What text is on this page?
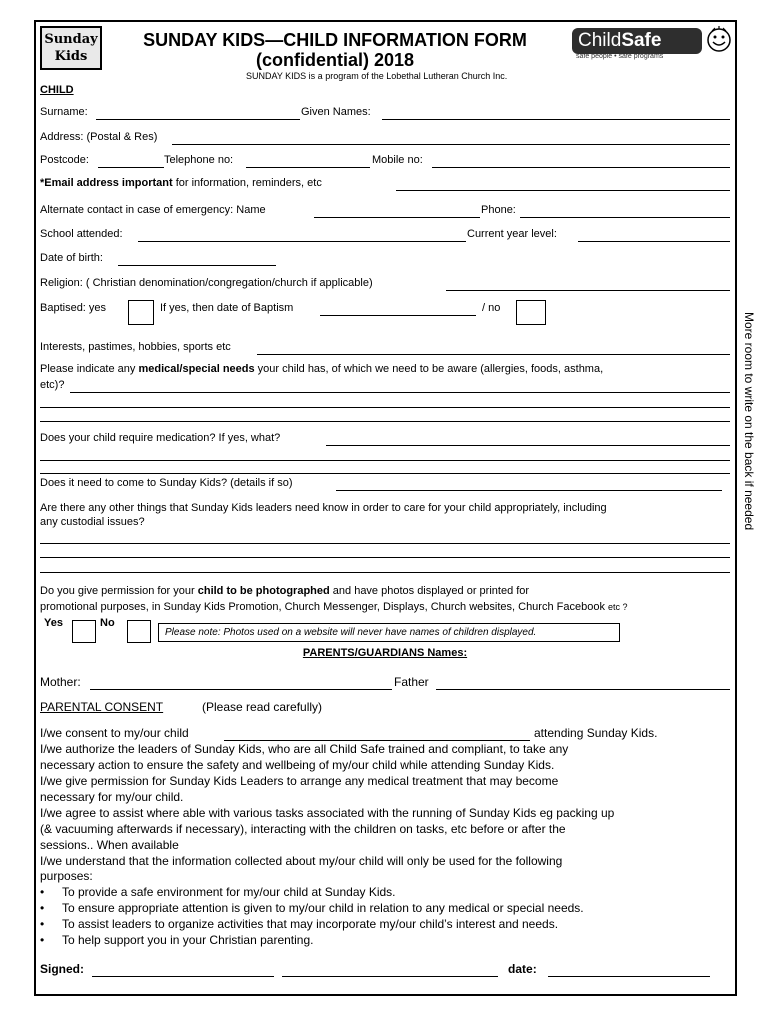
Sunday
Kids
SUNDAY KIDS—CHILD INFORMATION FORM
(confidential) 2018
SUNDAY KIDS is a program of the Lobethal Lutheran Church Inc.
ChildSafe
safe people • safe programs
CHILD
Surname:	Given Names:
Address: (Postal & Res)
Postcode:	Telephone no:	Mobile no:
*Email address important for information, reminders, etc
Alternate contact in case of emergency: Name	Phone:
School attended:	Current year level:
Date of birth:
Religion: ( Christian denomination/congregation/church if applicable)
Baptised: yes	If yes, then date of Baptism	/ no
Interests, pastimes, hobbies, sports etc
Please indicate any medical/special needs your child has, of which we need to be aware (allergies, foods, asthma,
etc)?
Does your child require medication? If yes, what?
Does it need to come to Sunday Kids? (details if so)
Are there any other things that Sunday Kids leaders need know in order to care for your child appropriately, including
any custodial issues?
Do you give permission for your child to be photographed and have photos displayed or printed for
promotional purposes, in Sunday Kids Promotion, Church Messenger, Displays, Church websites, Church Facebook etc ?
Yes	No
Please note: Photos used on a website will never have names of children displayed.
More room to write on the back if needed
PARENTS/GUARDIANS Names:
Mother:	Father
PARENTAL CONSENT	(Please read carefully)
I/we consent to my/our child	attending Sunday Kids.
I/we authorize the leaders of Sunday Kids, who are all Child Safe trained and compliant, to take any
necessary action to ensure the safety and wellbeing of my/our child while attending Sunday Kids.
I/we give permission for Sunday Kids Leaders to arrange any medical treatment that may become
necessary for my/our child.
I/we agree to assist where able with various tasks associated with the running of Sunday Kids eg packing up
(& vacuuming afterwards if necessary), interacting with the children on tasks, etc before or after the
sessions.. When available
I/we understand that the information collected about my/our child will only be used for the following
purposes:
• To provide a safe environment for my/our child at Sunday Kids.
• To ensure appropriate attention is given to my/our child in relation to any medical or special needs.
• To assist leaders to organize activities that may incorporate my/our child’s interest and needs.
• To help support you in your Christian parenting.
Signed:	date:
